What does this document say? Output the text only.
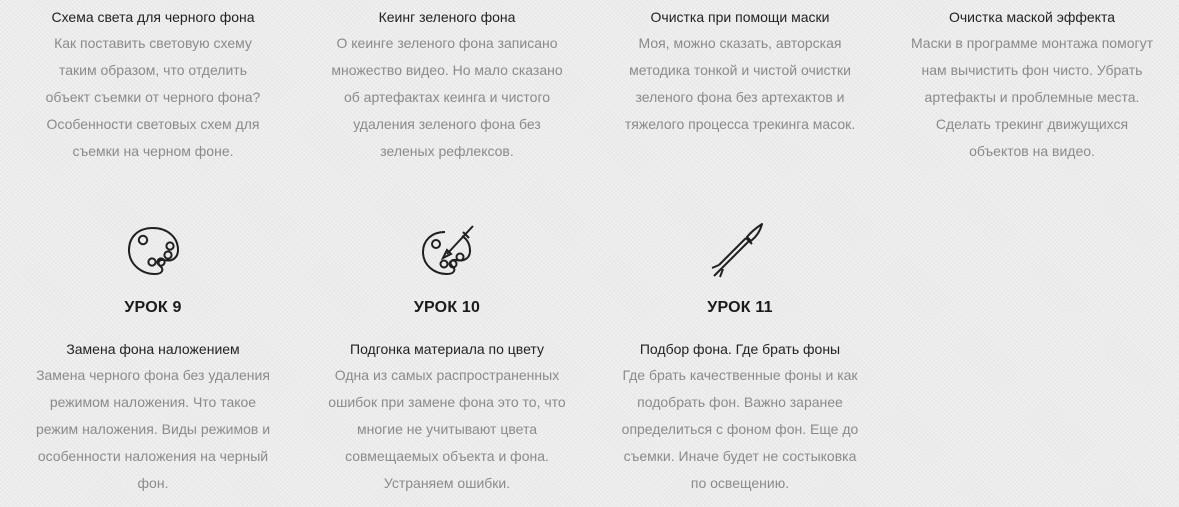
Схема света для черного фона

Как поставить световую схему таким образом, что отделить объект съемки от черного фона? Особенности световых схем для съемки на черном фоне.

Кеинг зеленого фона

О кеинге зеленого фона записано множество видео. Но мало сказано об артефактах кеинга и чистого удаления зеленого фона без зеленых рефлексов.

Очистка при помощи маски

Моя, можно сказать, авторская методика тонкой и чистой очистки зеленого фона без артехактов и тяжелого процесса трекинга масок.

Очистка маской эффекта

Маски в программе монтажа помогут нам вычистить фон чисто. Убрать артефакты и проблемные места. Сделать трекинг движущихся объектов на видео.

УРОК 9

Замена фона наложением

Замена черного фона без удаления режимом наложения. Что такое режим наложения. Виды режимов и особенности наложения на черный фон.

УРОК 10

Подгонка материала по цвету

Одна из самых распространенных ошибок при замене фона это то, что многие не учитывают цвета совмещаемых объекта и фона. Устраняем ошибки.

УРОК 11

Подбор фона. Где брать фоны

Где брать качественные фоны и как подобрать фон. Важно заранее определиться с фоном фон. Еще до съемки. Иначе будет не состыковка по освещению.
